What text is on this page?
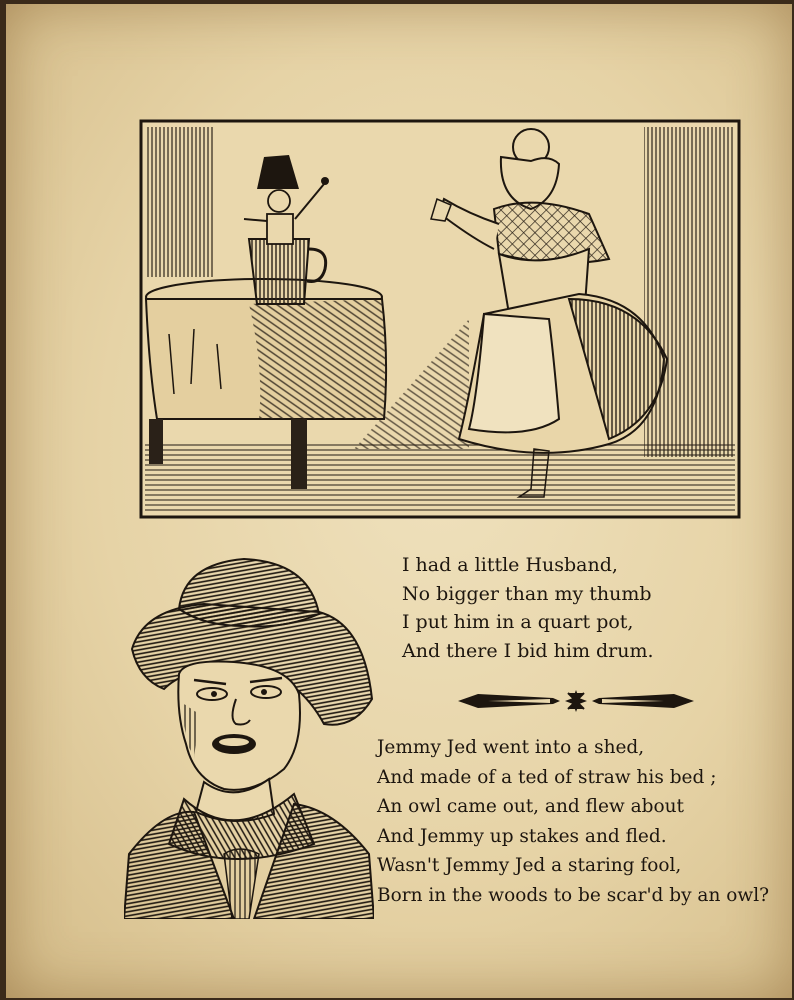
I had a little Husband,
No bigger than my thumb
I put him in a quart pot,
And there I bid him drum.
Jemmy Jed went into a shed,
And made of a ted of straw his bed ;
An owl came out, and flew about
And Jemmy up stakes and fled.
Wasn't Jemmy Jed a staring fool,
Born in the woods to be scar'd by an owl?
